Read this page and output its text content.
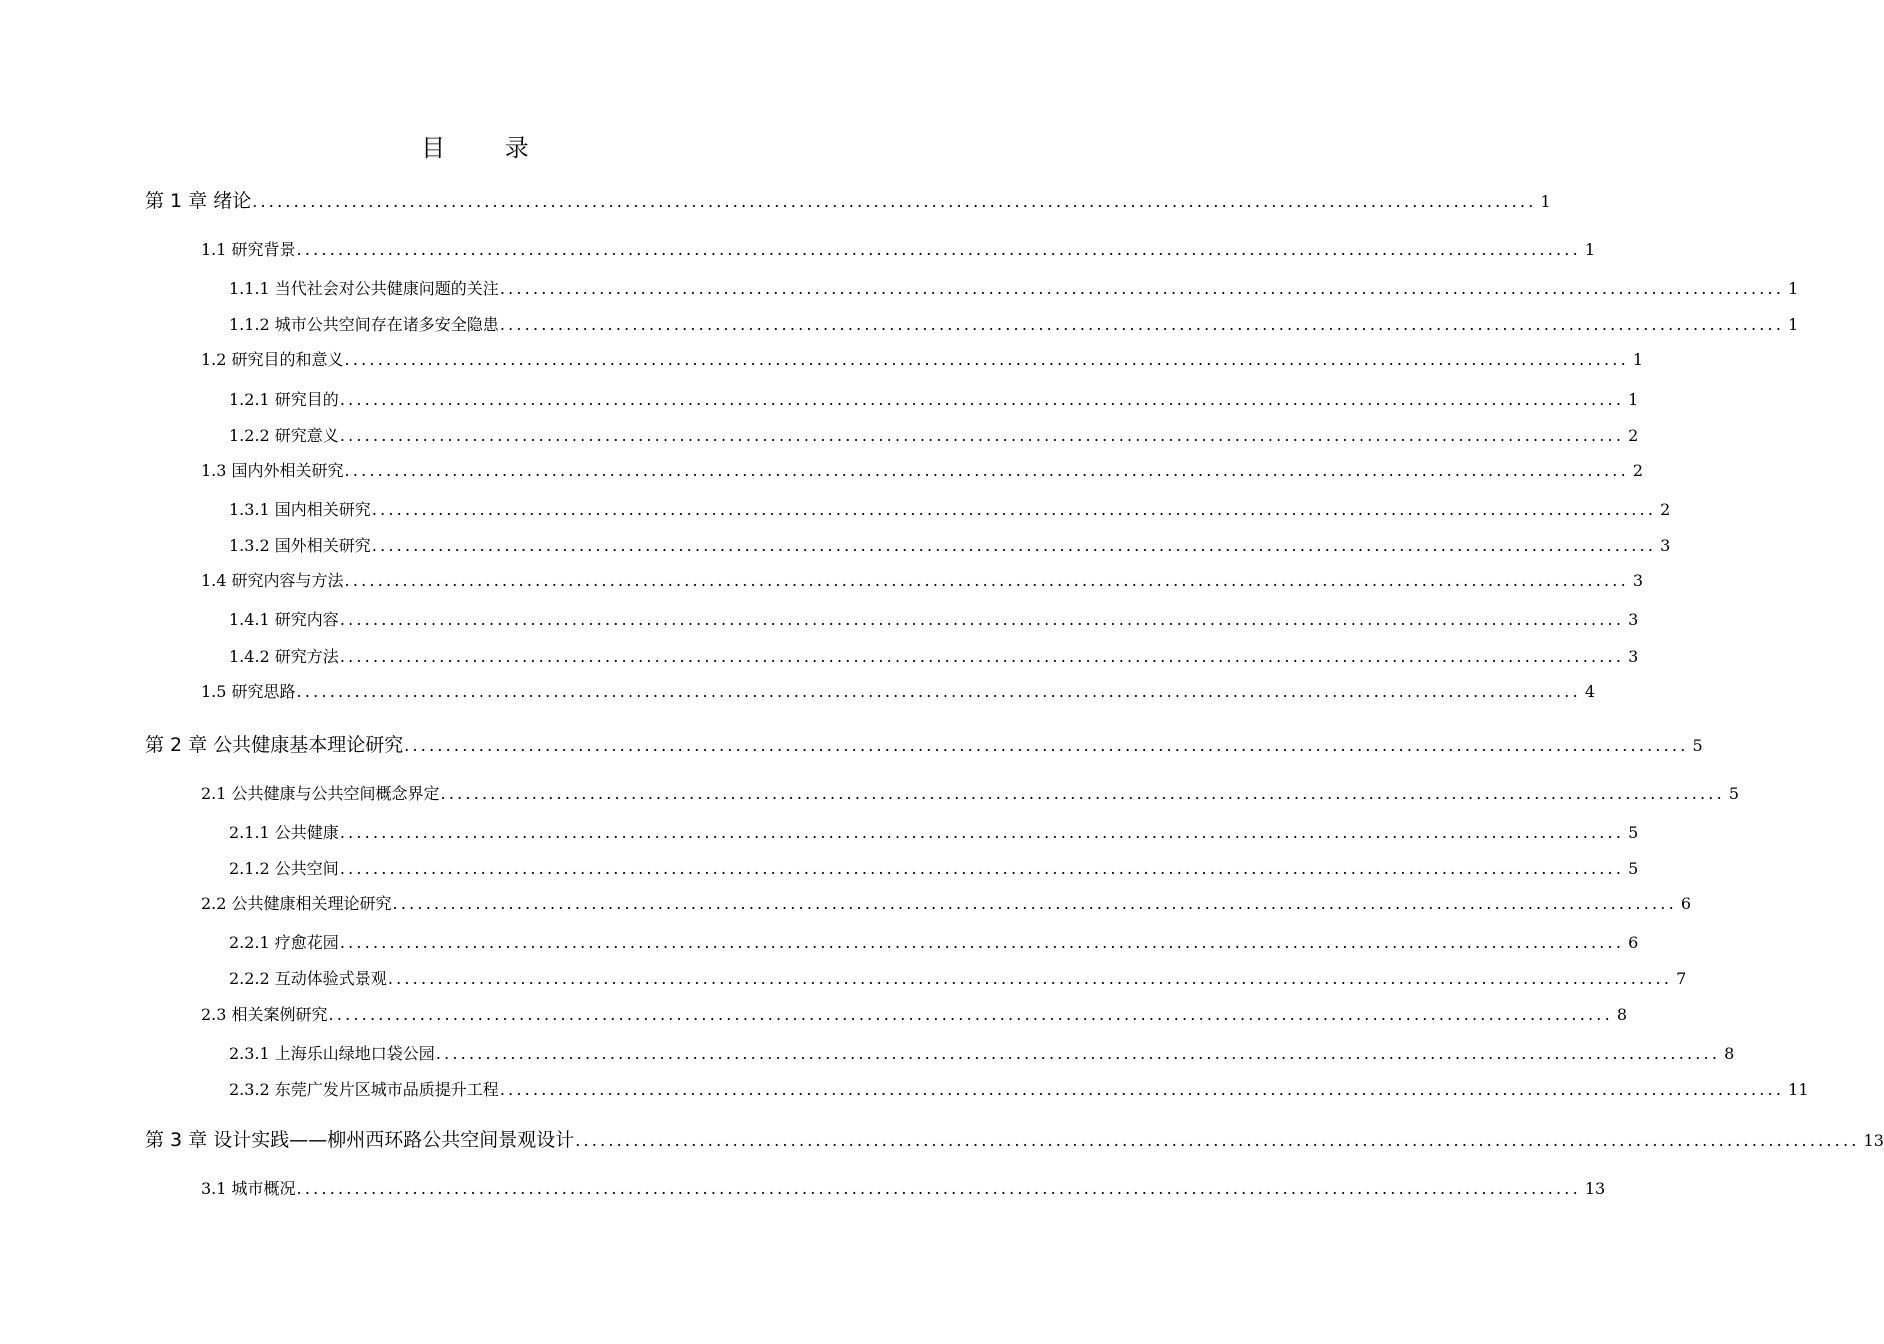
目 录
第 1 章 绪论 ........................................................................................................................................................... 1
1.1 研究背景 ........................................................................................................................................................... 1
1.1.1 当代社会对公共健康问题的关注 ........................................................................................................................................................... 1
1.1.2 城市公共空间存在诸多安全隐患 ........................................................................................................................................................... 1
1.2 研究目的和意义 ........................................................................................................................................................... 1
1.2.1 研究目的 ........................................................................................................................................................... 1
1.2.2 研究意义 ........................................................................................................................................................... 2
1.3 国内外相关研究 ........................................................................................................................................................... 2
1.3.1 国内相关研究 ........................................................................................................................................................... 2
1.3.2 国外相关研究 ........................................................................................................................................................... 3
1.4 研究内容与方法 ........................................................................................................................................................... 3
1.4.1 研究内容 ........................................................................................................................................................... 3
1.4.2 研究方法 ........................................................................................................................................................... 3
1.5 研究思路 ........................................................................................................................................................... 4
第 2 章 公共健康基本理论研究 ........................................................................................................................................................... 5
2.1 公共健康与公共空间概念界定 ........................................................................................................................................................... 5
2.1.1 公共健康 ........................................................................................................................................................... 5
2.1.2 公共空间 ........................................................................................................................................................... 5
2.2 公共健康相关理论研究 ........................................................................................................................................................... 6
2.2.1 疗愈花园 ........................................................................................................................................................... 6
2.2.2 互动体验式景观 ........................................................................................................................................................... 7
2.3 相关案例研究 ........................................................................................................................................................... 8
2.3.1 上海乐山绿地口袋公园 ........................................................................................................................................................... 8
2.3.2 东莞广发片区城市品质提升工程 ........................................................................................................................................................... 11
第 3 章 设计实践——柳州西环路公共空间景观设计 ........................................................................................................................................................... 13
3.1 城市概况 ........................................................................................................................................................... 13
